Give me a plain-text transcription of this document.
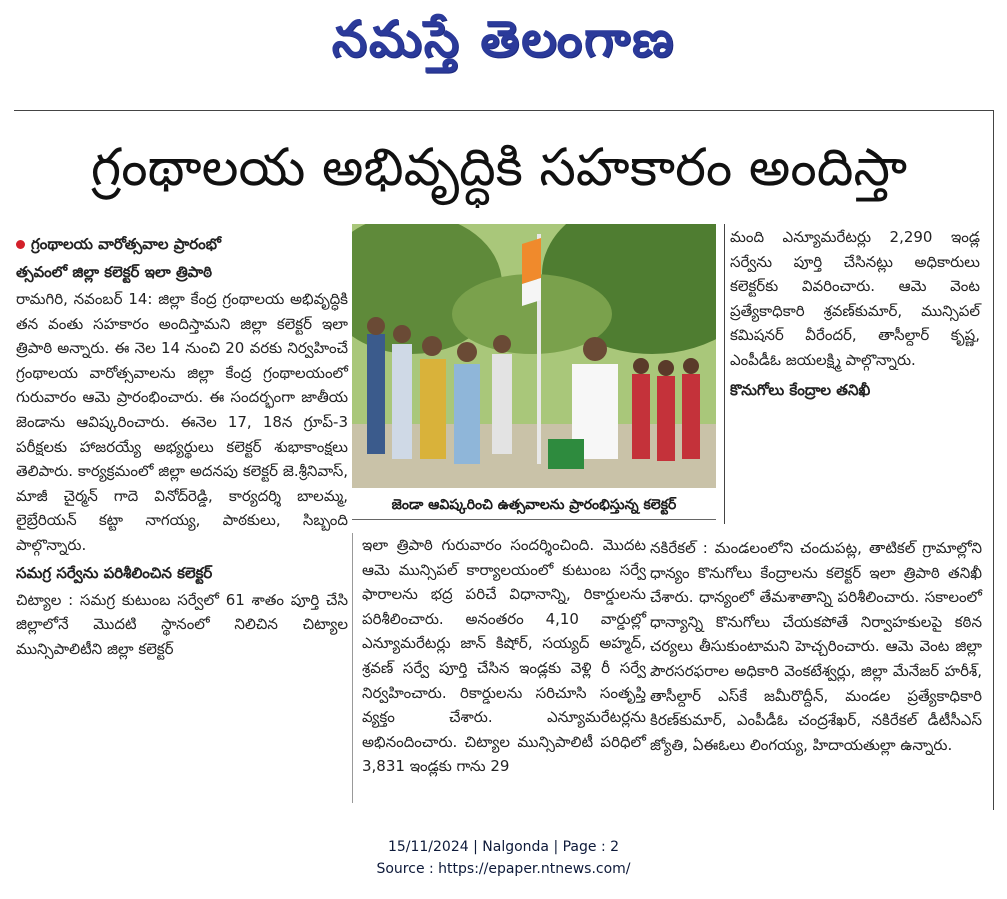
నమస్తే తెలంగాణ
గ్రంథాలయ అభివృద్ధికి సహకారం అందిస్తా
గ్రంథాలయ వారోత్సవాల ప్రారంభో
త్సవంలో జిల్లా కలెక్టర్ ఇలా త్రిపాఠి

రామగిరి, నవంబర్ 14: జిల్లా కేంద్ర గ్రంథాలయ అభివృద్ధికి తన వంతు సహకారం అందిస్తామని జిల్లా కలెక్టర్ ఇలా త్రిపాఠి అన్నారు. ఈ నెల 14 నుంచి 20 వరకు నిర్వహించే గ్రంథాలయ వారోత్సవాలను జిల్లా కేంద్ర గ్రంథాలయంలో గురువారం ఆమె ప్రారంభించారు. ఈ సందర్భంగా జాతీయ జెండాను ఆవిష్కరించారు. ఈనెల 17, 18న గ్రూప్-3 పరీక్షలకు హాజరయ్యే అభ్యర్థులు కలెక్టర్ శుభాకాంక్షలు తెలిపారు. కార్యక్రమంలో జిల్లా అదనపు కలెక్టర్ జె.శ్రీనివాస్, మాజీ చైర్మన్ గాదె వినోద్‌రెడ్డి, కార్యదర్శి బాలమ్మ, లైబ్రేరియన్ కట్టా నాగయ్య, పాఠకులు, సిబ్బంది పాల్గొన్నారు.

సమగ్ర సర్వేను పరిశీలించిన కలెక్టర్

చిట్యాల : సమగ్ర కుటుంబ సర్వేలో 61 శాతం పూర్తి చేసి జిల్లాలోనే మొదటి స్థానంలో నిలిచిన చిట్యాల మున్సిపాలిటీని జిల్లా కలెక్టర్

జెండా ఆవిష్కరించి ఉత్సవాలను ప్రారంభిస్తున్న కలెక్టర్

ఇలా త్రిపాఠి గురువారం సందర్శించింది. మొదట ఆమె మున్సిపల్ కార్యాలయంలో కుటుంబ సర్వే ఫారాలను భద్ర పరిచే విధానాన్ని, రికార్డులను పరిశీలించారు. అనంతరం 4,10 వార్డుల్లో ఎన్యూమరేటర్లు జాన్ కిషోర్, సయ్యద్ అహ్మద్, శ్రవణ్ సర్వే పూర్తి చేసిన ఇండ్లకు వెళ్లి రీ సర్వే నిర్వహించారు. రికార్డులను సరిచూసి సంతృప్తి వ్యక్తం చేశారు. ఎన్యూమరేటర్లను అభినందించారు. చిట్యాల మున్సిపాలిటీ పరిధిలో 3,831 ఇండ్లకు గాను 29

మంది ఎన్యూమరేటర్లు 2,290 ఇండ్ల సర్వేను పూర్తి చేసినట్లు అధికారులు కలెక్టర్‌కు వివరించారు. ఆమె వెంట ప్రత్యేకాధికారి శ్రవణ్‌కుమార్, మున్సిపల్ కమిషనర్ వీరేందర్, తాసీల్దార్ కృష్ణ, ఎంపీడీఓ జయలక్ష్మి పాల్గొన్నారు.

కొనుగోలు కేంద్రాల తనిఖీ

నకిరేకల్ : మండలంలోని చందుపట్ల, తాటికల్ గ్రామాల్లోని ధాన్యం కొనుగోలు కేంద్రాలను కలెక్టర్ ఇలా త్రిపాఠి తనిఖీ చేశారు. ధాన్యంలో తేమశాతాన్ని పరిశీలించారు. సకాలంలో ధాన్యాన్ని కొనుగోలు చేయకపోతే నిర్వాహకులపై కఠిన చర్యలు తీసుకుంటామని హెచ్చరించారు. ఆమె వెంట జిల్లా పౌరసరఫరాల అధికారి వెంకటేశ్వర్లు, జిల్లా మేనేజర్ హరీశ్, తాసీల్దార్ ఎస్‌కే జమీరొద్దీన్, మండల ప్రత్యేకాధికారి కిరణ్‌కుమార్, ఎంపీడీఓ చంద్రశేఖర్, నకిరేకల్ డీటీసీఎస్ జ్యోతి, ఏఈఓలు లింగయ్య, హిదాయతుల్లా ఉన్నారు.

15/11/2024 | Nalgonda | Page : 2
Source : https://epaper.ntnews.com/
